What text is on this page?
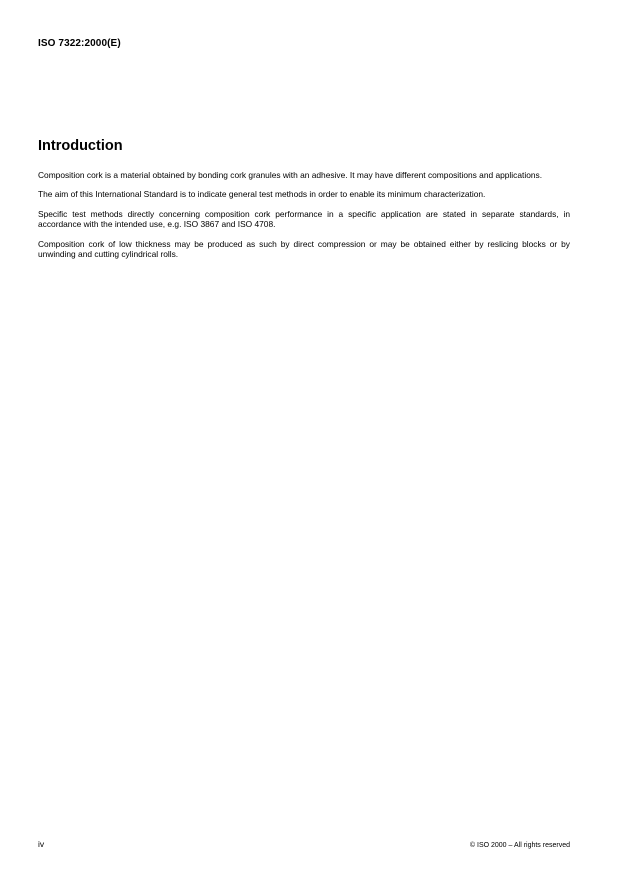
ISO 7322:2000(E)
Introduction

Composition cork is a material obtained by bonding cork granules with an adhesive. It may have different compositions and applications.

The aim of this International Standard is to indicate general test methods in order to enable its minimum characterization.

Specific test methods directly concerning composition cork performance in a specific application are stated in separate standards, in accordance with the intended use, e.g. ISO 3867 and ISO 4708.

Composition cork of low thickness may be produced as such by direct compression or may be obtained either by reslicing blocks or by unwinding and cutting cylindrical rolls.

iv	© ISO 2000 – All rights reserved
